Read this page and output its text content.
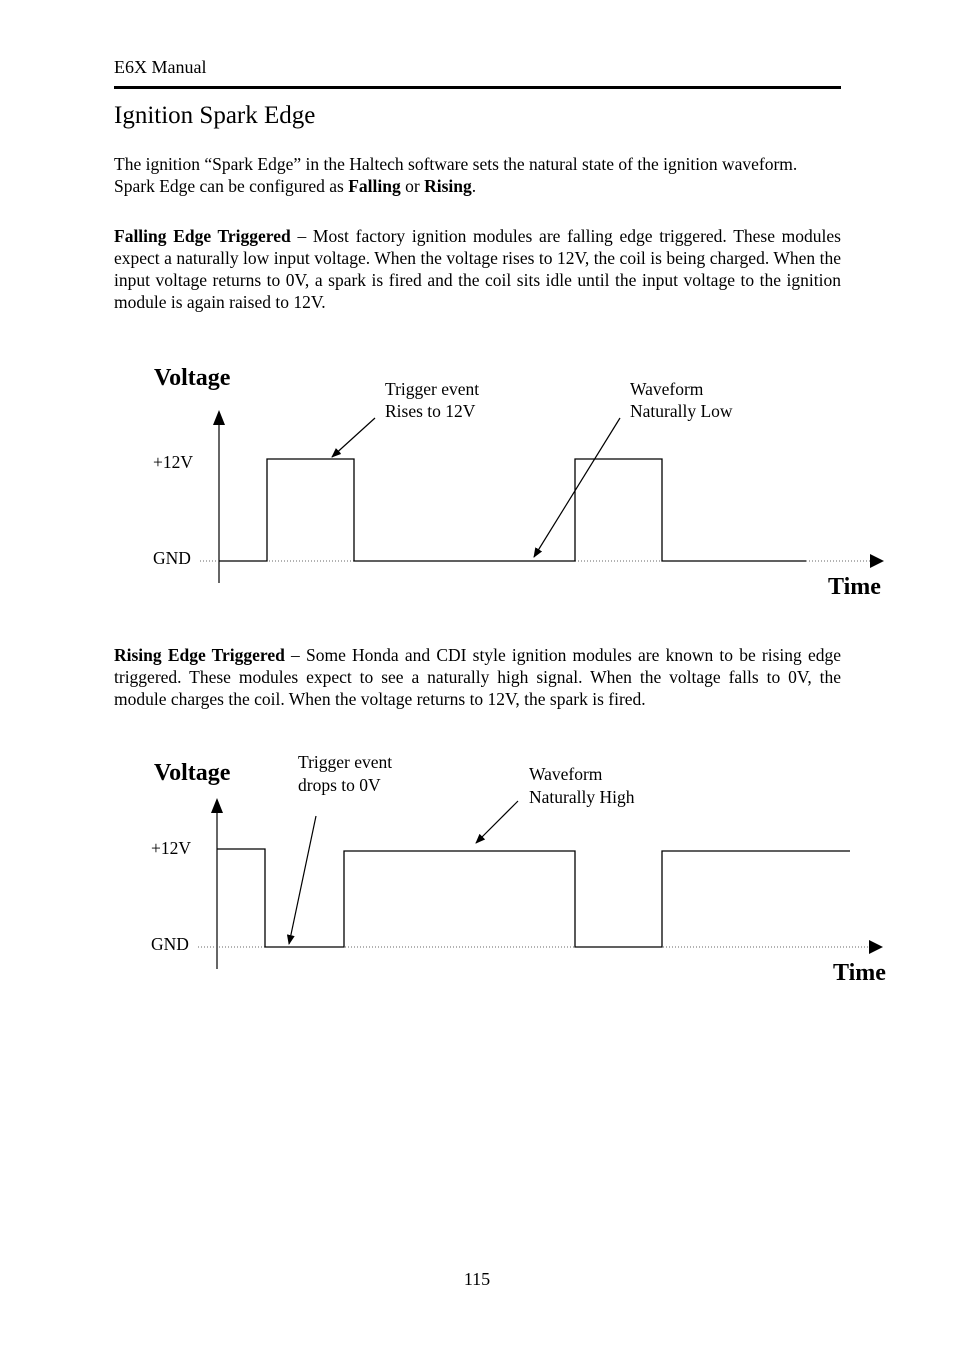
E6X Manual
Ignition Spark Edge

The ignition “Spark Edge” in the Haltech software sets the natural state of the ignition waveform. Spark Edge can be configured as Falling or Rising.

Falling Edge Triggered – Most factory ignition modules are falling edge triggered. These modules expect a naturally low input voltage. When the voltage rises to 12V, the coil is being charged. When the input voltage returns to 0V, a spark is fired and the coil sits idle until the input voltage to the ignition module is again raised to 12V.

Voltage
Time
+12V
GND
Trigger event
Rises to 12V
Waveform
Naturally Low

Rising Edge Triggered – Some Honda and CDI style ignition modules are known to be rising edge triggered. These modules expect to see a naturally high signal. When the voltage falls to 0V, the module charges the coil. When the voltage returns to 12V, the spark is fired.

Voltage
Time
+12V
GND
Trigger event
drops to 0V
Waveform
Naturally High
115
